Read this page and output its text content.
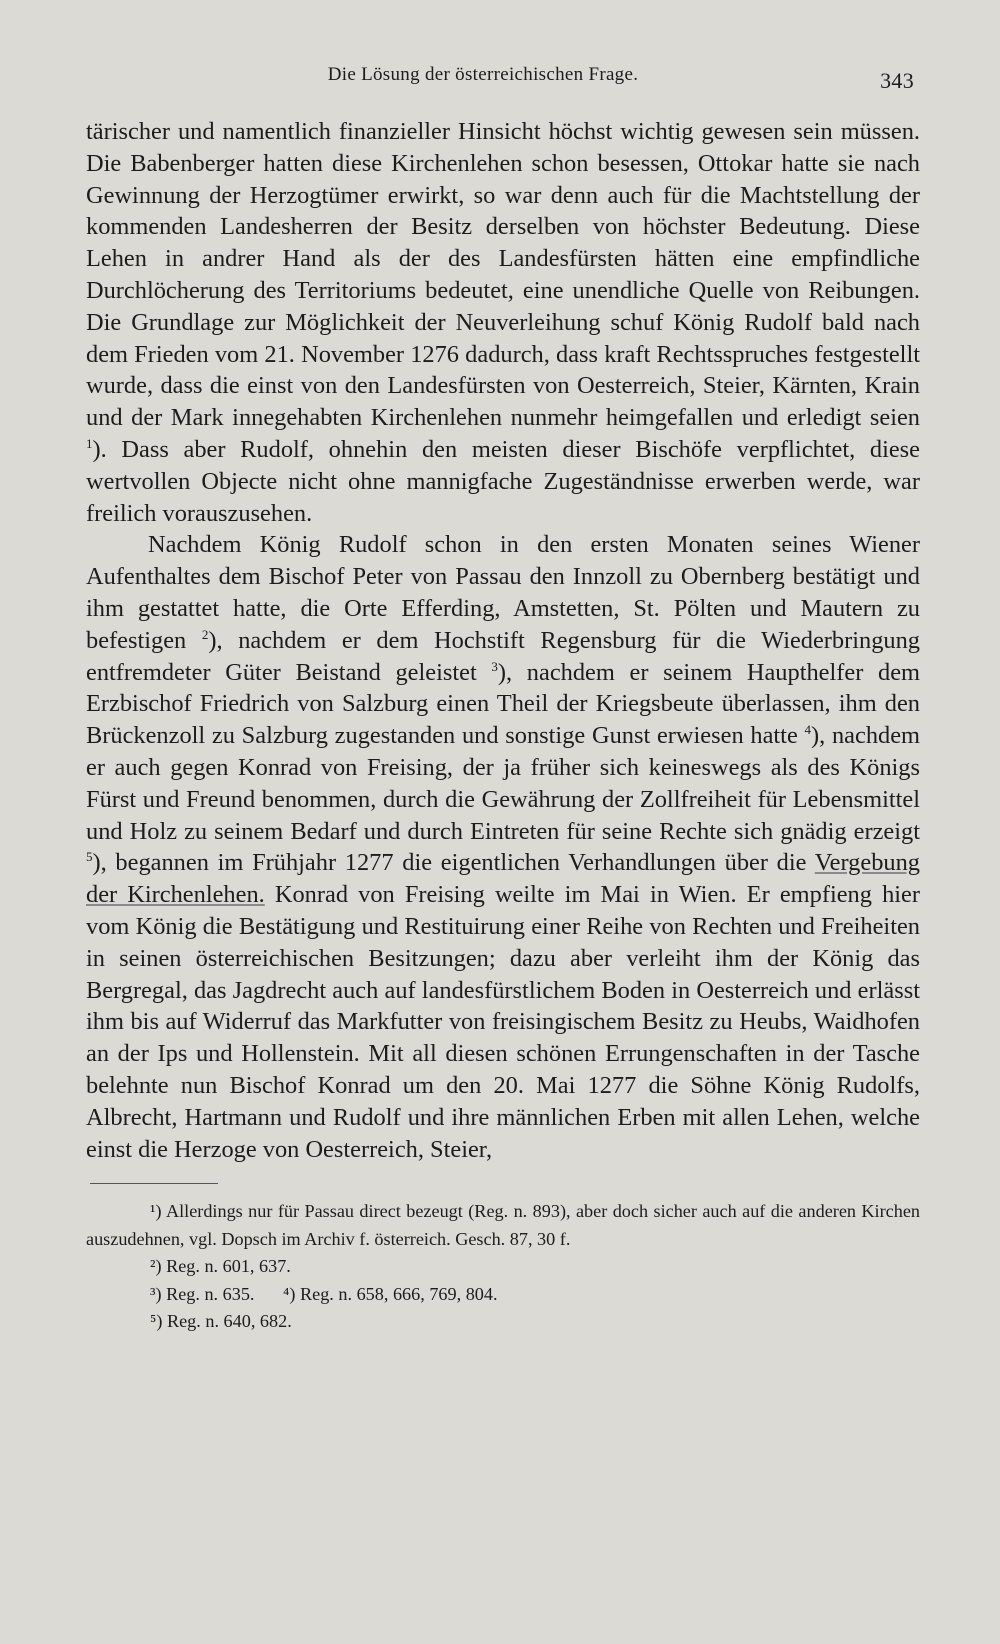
Die Lösung der österreichischen Frage.	343

tärischer und namentlich finanzieller Hinsicht höchst wichtig gewesen sein müssen. Die Babenberger hatten diese Kirchenlehen schon besessen, Ottokar hatte sie nach Gewinnung der Herzogtümer erwirkt, so war denn auch für die Machtstellung der kommenden Landesherren der Besitz derselben von höchster Bedeutung. Diese Lehen in andrer Hand als der des Landesfürsten hätten eine empfindliche Durchlöcherung des Territoriums bedeutet, eine unendliche Quelle von Reibungen. Die Grundlage zur Möglichkeit der Neuverleihung schuf König Rudolf bald nach dem Frieden vom 21. November 1276 dadurch, dass kraft Rechtsspruches festgestellt wurde, dass die einst von den Landesfürsten von Oesterreich, Steier, Kärnten, Krain und der Mark innegehabten Kirchenlehen nunmehr heimgefallen und erledigt seien $^1$). Dass aber Rudolf, ohnehin den meisten dieser Bischöfe verpflichtet, diese wertvollen Objecte nicht ohne mannigfache Zugeständnisse erwerben werde, war freilich vorauszusehen.

Nachdem König Rudolf schon in den ersten Monaten seines Wiener Aufenthaltes dem Bischof Peter von Passau den Innzoll zu Obernberg bestätigt und ihm gestattet hatte, die Orte Efferding, Amstetten, St. Pölten und Mautern zu befestigen $^2$), nachdem er dem Hochstift Regensburg für die Wiederbringung entfremdeter Güter Beistand geleistet $^3$), nachdem er seinem Haupthelfer dem Erzbischof Friedrich von Salzburg einen Theil der Kriegsbeute überlassen, ihm den Brückenzoll zu Salzburg zugestanden und sonstige Gunst erwiesen hatte $^4$), nachdem er auch gegen Konrad von Freising, der ja früher sich keineswegs als des Königs Fürst und Freund benommen, durch die Gewährung der Zollfreiheit für Lebensmittel und Holz zu seinem Bedarf und durch Eintreten für seine Rechte sich gnädig erzeigt $^5$), begannen im Frühjahr 1277 die eigentlichen Verhandlungen über die Vergebung der Kirchenlehen. Konrad von Freising weilte im Mai in Wien. Er empfieng hier vom König die Bestätigung und Restituirung einer Reihe von Rechten und Freiheiten in seinen österreichischen Besitzungen; dazu aber verleiht ihm der König das Bergregal, das Jagdrecht auch auf landesfürstlichem Boden in Oesterreich und erlässt ihm bis auf Widerruf das Markfutter von freisingischem Besitz zu Heubs, Waidhofen an der Ips und Hollenstein. Mit all diesen schönen Errungenschaften in der Tasche belehnte nun Bischof Konrad um den 20. Mai 1277 die Söhne König Rudolfs, Albrecht, Hartmann und Rudolf und ihre männlichen Erben mit allen Lehen, welche einst die Herzoge von Oesterreich, Steier,

¹) Allerdings nur für Passau direct bezeugt (Reg. n. 893), aber doch sicher auch auf die anderen Kirchen auszudehnen, vgl. Dopsch im Archiv f. österreich. Gesch. 87, 30 f.

²) Reg. n. 601, 637.

³) Reg. n. 635. ⁴) Reg. n. 658, 666, 769, 804.

⁵) Reg. n. 640, 682.
